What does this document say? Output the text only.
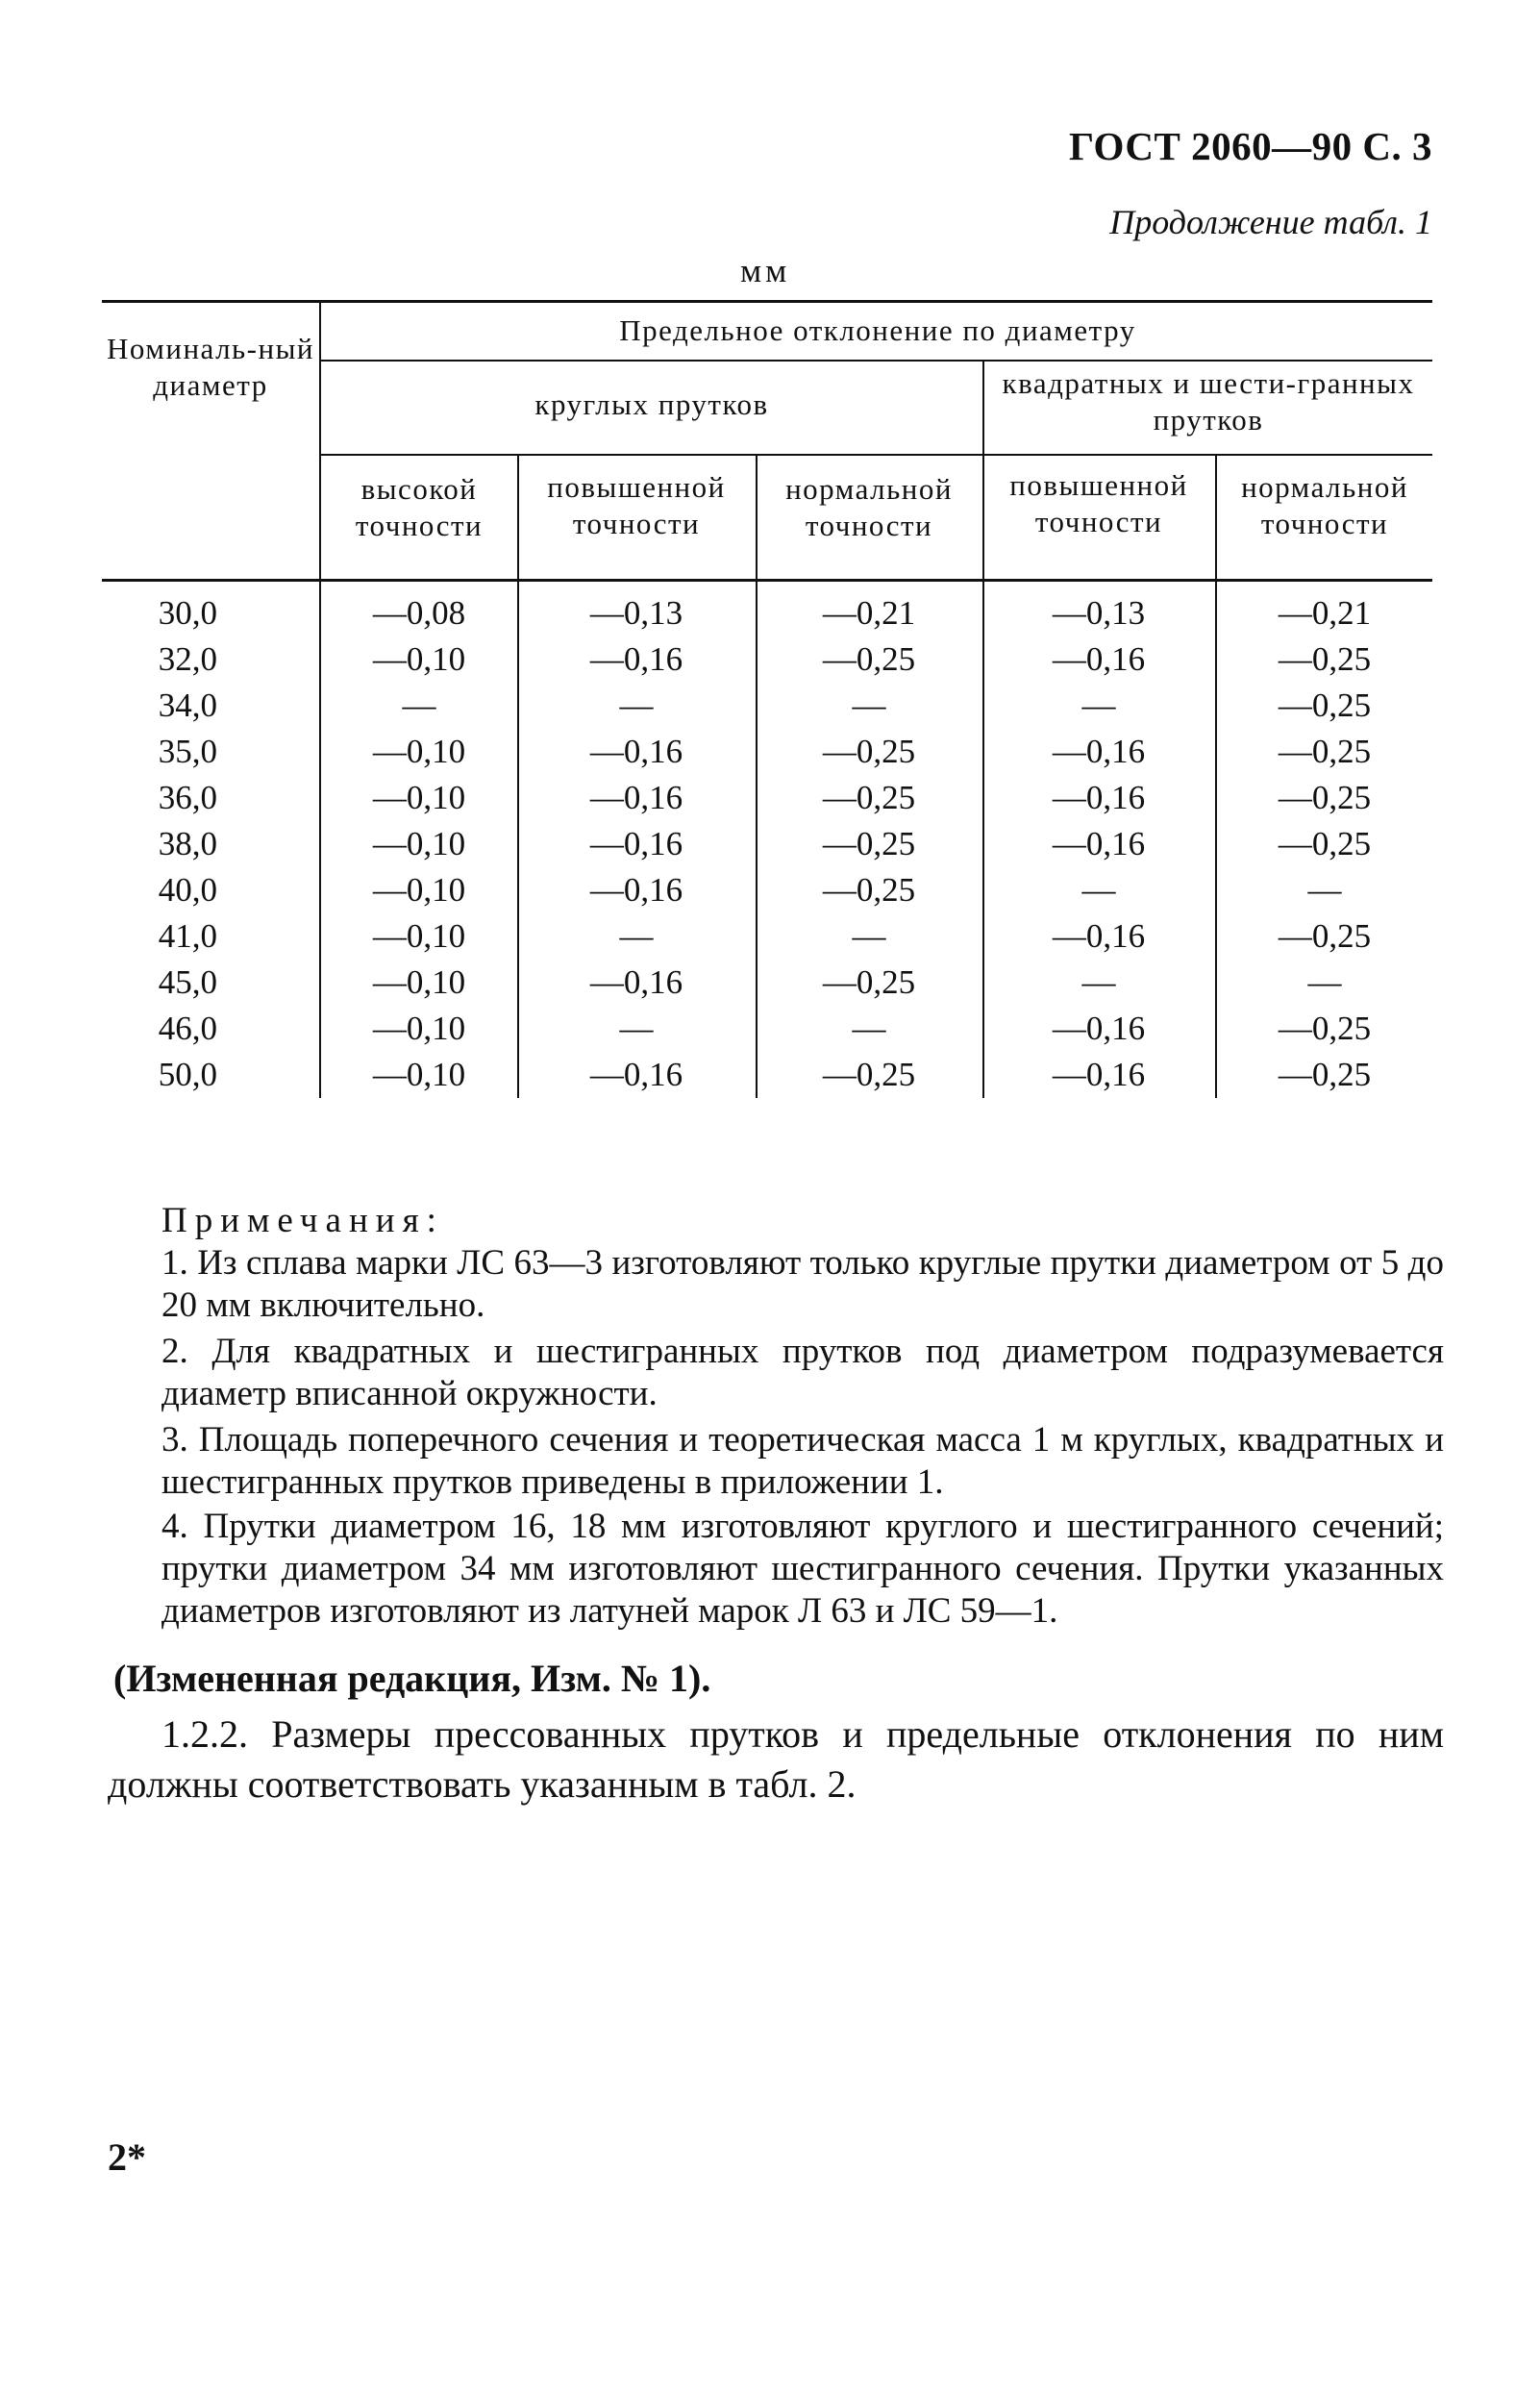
ГОСТ 2060—90 С. 3
Продолжение табл. 1
мм
Номиналь-ный диаметр
Предельное отклонение по диаметру
круглых прутков
квадратных и шести-гранных прутков
высокой точности
повышенной точности
нормальной точности
повышенной точности
нормальной точности
30,0	—0,08	—0,13	—0,21	—0,13	—0,21
32,0	—0,10	—0,16	—0,25	—0,16	—0,25
34,0	—	—	—	—	—0,25
35,0	—0,10	—0,16	—0,25	—0,16	—0,25
36,0	—0,10	—0,16	—0,25	—0,16	—0,25
38,0	—0,10	—0,16	—0,25	—0,16	—0,25
40,0	—0,10	—0,16	—0,25	—	—
41,0	—0,10	—	—	—0,16	—0,25
45,0	—0,10	—0,16	—0,25	—	—
46,0	—0,10	—	—	—0,16	—0,25
50,0	—0,10	—0,16	—0,25	—0,16	—0,25
Примечания:
1. Из сплава марки ЛС 63—3 изготовляют только круглые прутки диаметром от 5 до 20 мм включительно.
2. Для квадратных и шестигранных прутков под диаметром подразумевается диаметр вписанной окружности.
3. Площадь поперечного сечения и теоретическая масса 1 м круглых, квадратных и шестигранных прутков приведены в приложении 1.
4. Прутки диаметром 16, 18 мм изготовляют круглого и шестигранного сечений; прутки диаметром 34 мм изготовляют шестигранного сечения. Прутки указанных диаметров изготовляют из латуней марок Л 63 и ЛС 59—1.
(Измененная редакция, Изм. № 1).
1.2.2. Размеры прессованных прутков и предельные отклонения по ним должны соответствовать указанным в табл. 2.
2*
